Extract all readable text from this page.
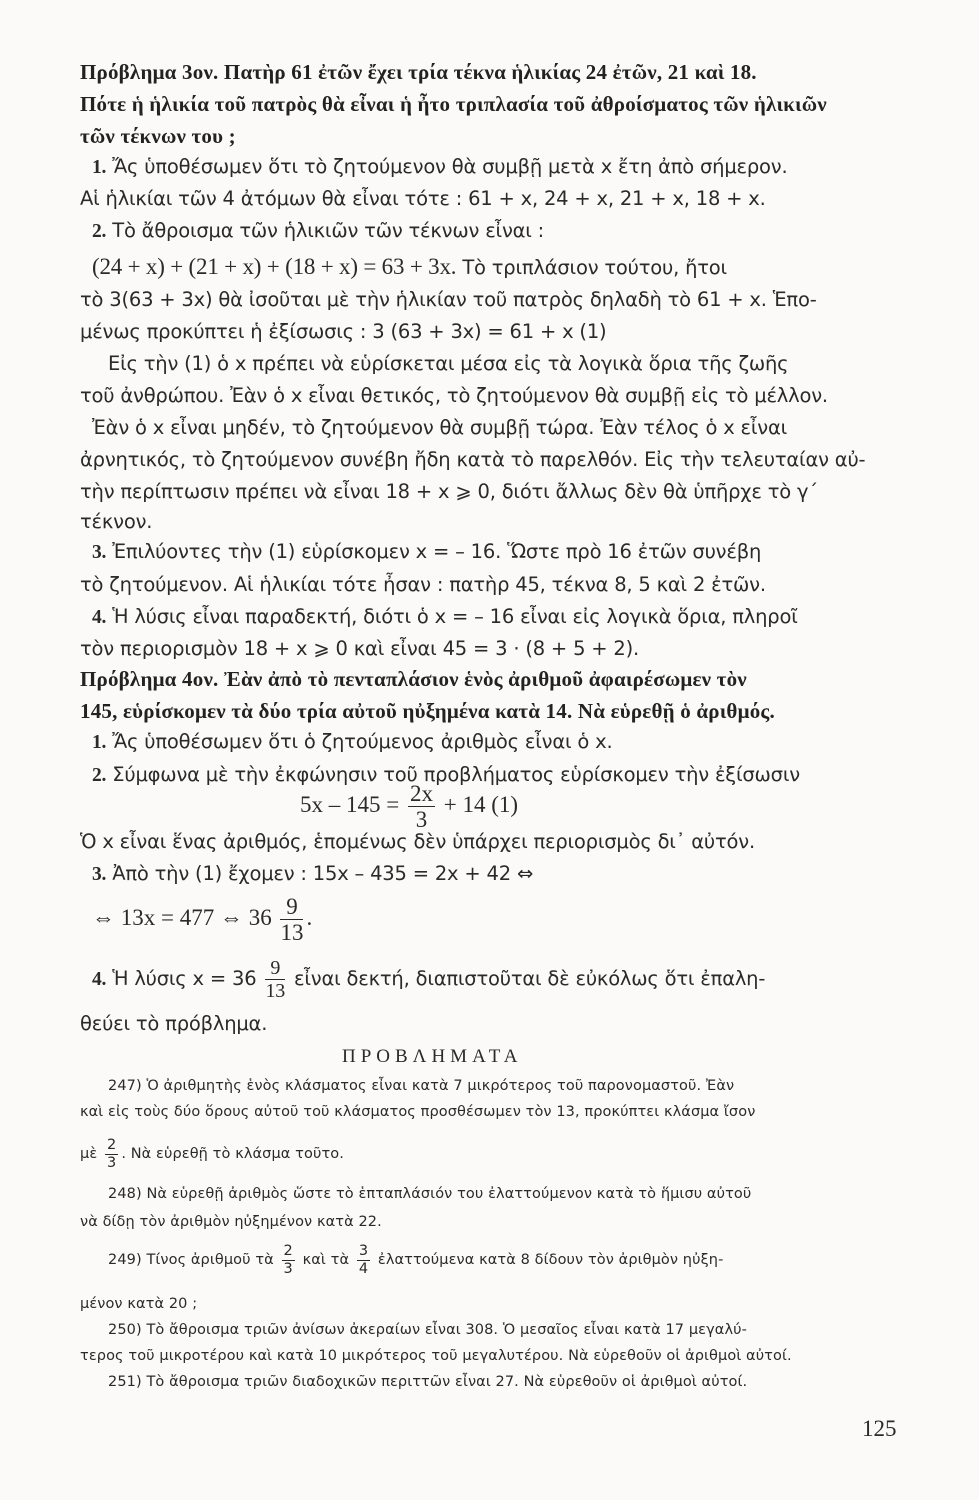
Πρόβλημα 3ον. Πατὴρ 61 ἐτῶν ἔχει τρία τέκνα ἡλικίας 24 ἐτῶν, 21 καὶ 18.
Πότε ἡ ἡλικία τοῦ πατρὸς θὰ εἶναι ἡ ἦτο τριπλασία τοῦ ἀθροίσματος τῶν ἡλικιῶν
τῶν τέκνων του ;
1. Ἄς ὑποθέσωμεν ὅτι τὸ ζητούμενον θὰ συμβῇ μετὰ x ἔτη ἀπὸ σήμερον.
Αἱ ἡλικίαι τῶν 4 ἀτόμων θὰ εἶναι τότε : 61 + x, 24 + x, 21 + x, 18 + x.
2. Τὸ ἄθροισμα τῶν ἡλικιῶν τῶν τέκνων εἶναι :
(24 + x) + (21 + x) + (18 + x) = 63 + 3x. Τὸ τριπλάσιον τούτου, ἤτοι
τὸ 3(63 + 3x) θὰ ἰσοῦται μὲ τὴν ἡλικίαν τοῦ πατρὸς δηλαδὴ τὸ 61 + x. Ἑπο-
μένως προκύπτει ἡ ἐξίσωσις : 3 (63 + 3x) = 61 + x (1)
Εἰς τὴν (1) ὁ x πρέπει νὰ εὑρίσκεται μέσα εἰς τὰ λογικὰ ὅρια τῆς ζωῆς
τοῦ ἀνθρώπου. Ἐὰν ὁ x εἶναι θετικός, τὸ ζητούμενον θὰ συμβῇ εἰς τὸ μέλλον.
Ἐὰν ὁ x εἶναι μηδέν, τὸ ζητούμενον θὰ συμβῇ τώρα. Ἐὰν τέλος ὁ x εἶναι
ἀρνητικός, τὸ ζητούμενον συνέβη ἤδη κατὰ τὸ παρελθόν. Εἰς τὴν τελευταίαν αὐ-
τὴν περίπτωσιν πρέπει νὰ εἶναι 18 + x ⩾ 0, διότι ἄλλως δὲν θὰ ὑπῆρχε τὸ γ΄
τέκνον.
3. Ἐπιλύοντες τὴν (1) εὑρίσκομεν x = – 16. Ὥστε πρὸ 16 ἐτῶν συνέβη
τὸ ζητούμενον. Αἱ ἡλικίαι τότε ἦσαν : πατὴρ 45, τέκνα 8, 5 καὶ 2 ἐτῶν.
4. Ἡ λύσις εἶναι παραδεκτή, διότι ὁ x = – 16 εἶναι εἰς λογικὰ ὅρια, πληροῖ
τὸν περιορισμὸν 18 + x ⩾ 0 καὶ εἶναι 45 = 3 · (8 + 5 + 2).
Πρόβλημα 4ον. Ἐὰν ἀπὸ τὸ πενταπλάσιον ἑνὸς ἀριθμοῦ ἀφαιρέσωμεν τὸν
145, εὑρίσκομεν τὰ δύο τρία αὐτοῦ ηὐξημένα κατὰ 14. Νὰ εὑρεθῇ ὁ ἀριθμός.
1. Ἄς ὑποθέσωμεν ὅτι ὁ ζητούμενος ἀριθμὸς εἶναι ὁ x.
2. Σύμφωνα μὲ τὴν ἐκφώνησιν τοῦ προβλήματος εὑρίσκομεν τὴν ἐξίσωσιν
$5x - 145 = \frac{2x}{3} + 14$ (1)
Ὁ x εἶναι ἕνας ἀριθμός, ἑπομένως δὲν ὑπάρχει περιορισμὸς δι᾽ αὐτόν.
3. Ἀπὸ τὴν (1) ἔχομεν : 15x – 435 = 2x + 42 ⇔
⇔ 13x = 477 ⇔ $36 \frac{9}{13}$ .
4. Ἡ λύσις $x = 36 \frac{9}{13}$ εἶναι δεκτή, διαπιστοῦται δὲ εὐκόλως ὅτι ἐπαλη-
θεύει τὸ πρόβλημα.
ΠΡΟΒΛΗΜΑΤΑ
247) Ὁ ἀριθμητὴς ἑνὸς κλάσματος εἶναι κατὰ 7 μικρότερος τοῦ παρονομαστοῦ. Ἐὰν
καὶ εἰς τοὺς δύο ὅρους αὐτοῦ τοῦ κλάσματος προσθέσωμεν τὸν 13, προκύπτει κλάσμα ἴσον
μὲ $\frac{2}{3}$ . Νὰ εὑρεθῇ τὸ κλάσμα τοῦτο.
248) Νὰ εὑρεθῇ ἀριθμὸς ὥστε τὸ ἑπταπλάσιόν του ἐλαττούμενον κατὰ τὸ ἥμισυ αὐτοῦ
νὰ δίδῃ τὸν ἀριθμὸν ηὐξημένον κατὰ 22.
249) Τίνος ἀριθμοῦ τὰ $\frac{2}{3}$ καὶ τὰ $\frac{3}{4}$ ἐλαττούμενα κατὰ 8 δίδουν τὸν ἀριθμὸν ηὐξη-
μένον κατὰ 20 ;
250) Τὸ ἄθροισμα τριῶν ἀνίσων ἀκεραίων εἶναι 308. Ὁ μεσαῖος εἶναι κατὰ 17 μεγαλύ-
τερος τοῦ μικροτέρου καὶ κατὰ 10 μικρότερος τοῦ μεγαλυτέρου. Νὰ εὑρεθοῦν οἱ ἀριθμοὶ αὐτοί.
251) Τὸ ἄθροισμα τριῶν διαδοχικῶν περιττῶν εἶναι 27. Νὰ εὑρεθοῦν οἱ ἀριθμοὶ αὐτοί.
125
